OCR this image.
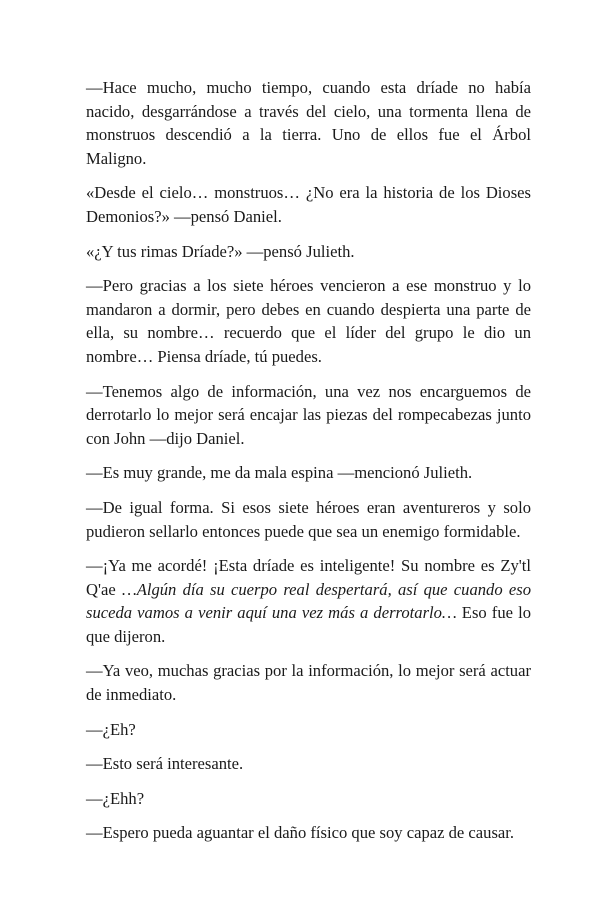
—Hace mucho, mucho tiempo, cuando esta dríade no había nacido, desgarrándose a través del cielo, una tormenta llena de monstruos descendió a la tierra. Uno de ellos fue el Árbol Maligno.

«Desde el cielo… monstruos… ¿No era la historia de los Dioses Demonios?» —pensó Daniel.

«¿Y tus rimas Dríade?» —pensó Julieth.

—Pero gracias a los siete héroes vencieron a ese monstruo y lo mandaron a dormir, pero debes en cuando despierta una parte de ella, su nombre… recuerdo que el líder del grupo le dio un nombre… Piensa dríade, tú puedes.

—Tenemos algo de información, una vez nos encarguemos de derrotarlo lo mejor será encajar las piezas del rompecabezas junto con John —dijo Daniel.

—Es muy grande, me da mala espina —mencionó Julieth.

—De igual forma. Si esos siete héroes eran aventureros y solo pudieron sellarlo entonces puede que sea un enemigo formidable.

—¡Ya me acordé! ¡Esta dríade es inteligente! Su nombre es Zy'tl Q'ae …Algún día su cuerpo real despertará, así que cuando eso suceda vamos a venir aquí una vez más a derrotarlo… Eso fue lo que dijeron.

—Ya veo, muchas gracias por la información, lo mejor será actuar de inmediato.

—¿Eh?

—Esto será interesante.

—¿Ehh?

—Espero pueda aguantar el daño físico que soy capaz de causar.
